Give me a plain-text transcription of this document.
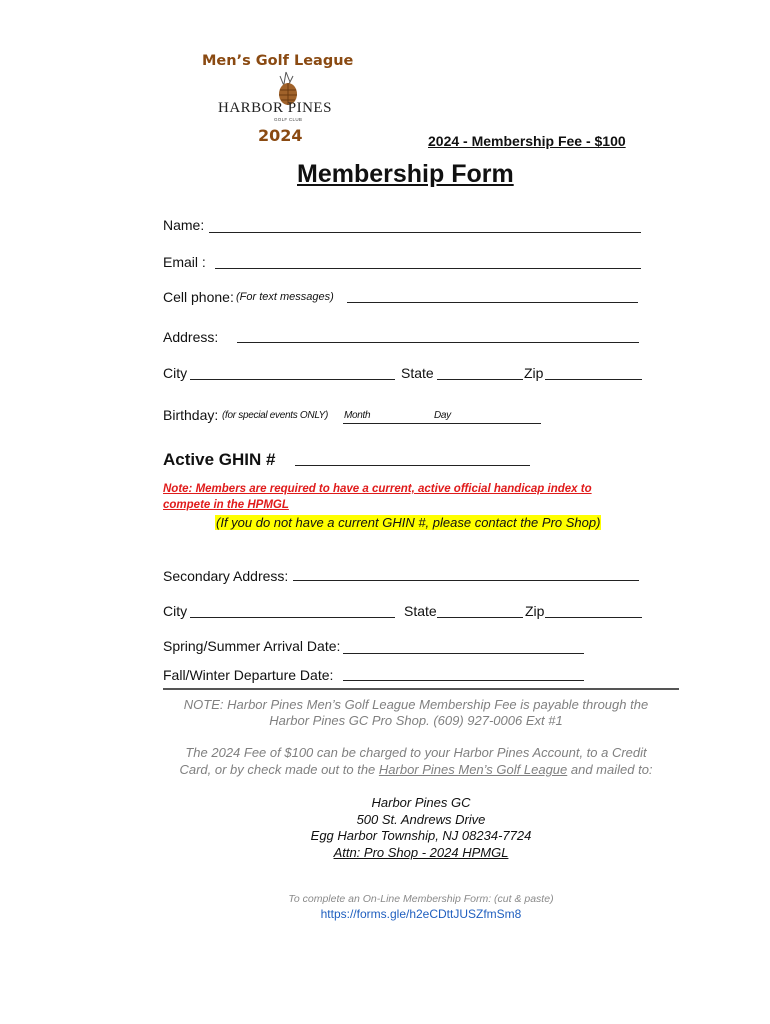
Men’s Golf League
HARBOR PINES
GOLF CLUB
2024	2024 - Membership Fee - $100
Membership Form
Name:
Email :
Cell phone: (For text messages)
Address:
City	State	Zip
Birthday: (for special events ONLY) Month	Day
Active GHIN #
Note: Members are required to have a current, active official handicap index to
compete in the HPMGL
(If you do not have a current GHIN #, please contact the Pro Shop)
Secondary Address:
City	State	Zip
Spring/Summer Arrival Date:
Fall/Winter Departure Date:
NOTE: Harbor Pines Men’s Golf League Membership Fee is payable through the
Harbor Pines GC Pro Shop. (609) 927-0006 Ext #1
The 2024 Fee of $100 can be charged to your Harbor Pines Account, to a Credit
Card, or by check made out to the Harbor Pines Men’s Golf League and mailed to:
Harbor Pines GC
500 St. Andrews Drive
Egg Harbor Township, NJ 08234-7724
Attn: Pro Shop - 2024 HPMGL
To complete an On-Line Membership Form: (cut & paste)
https://forms.gle/h2eCDttJUSZfmSm8
